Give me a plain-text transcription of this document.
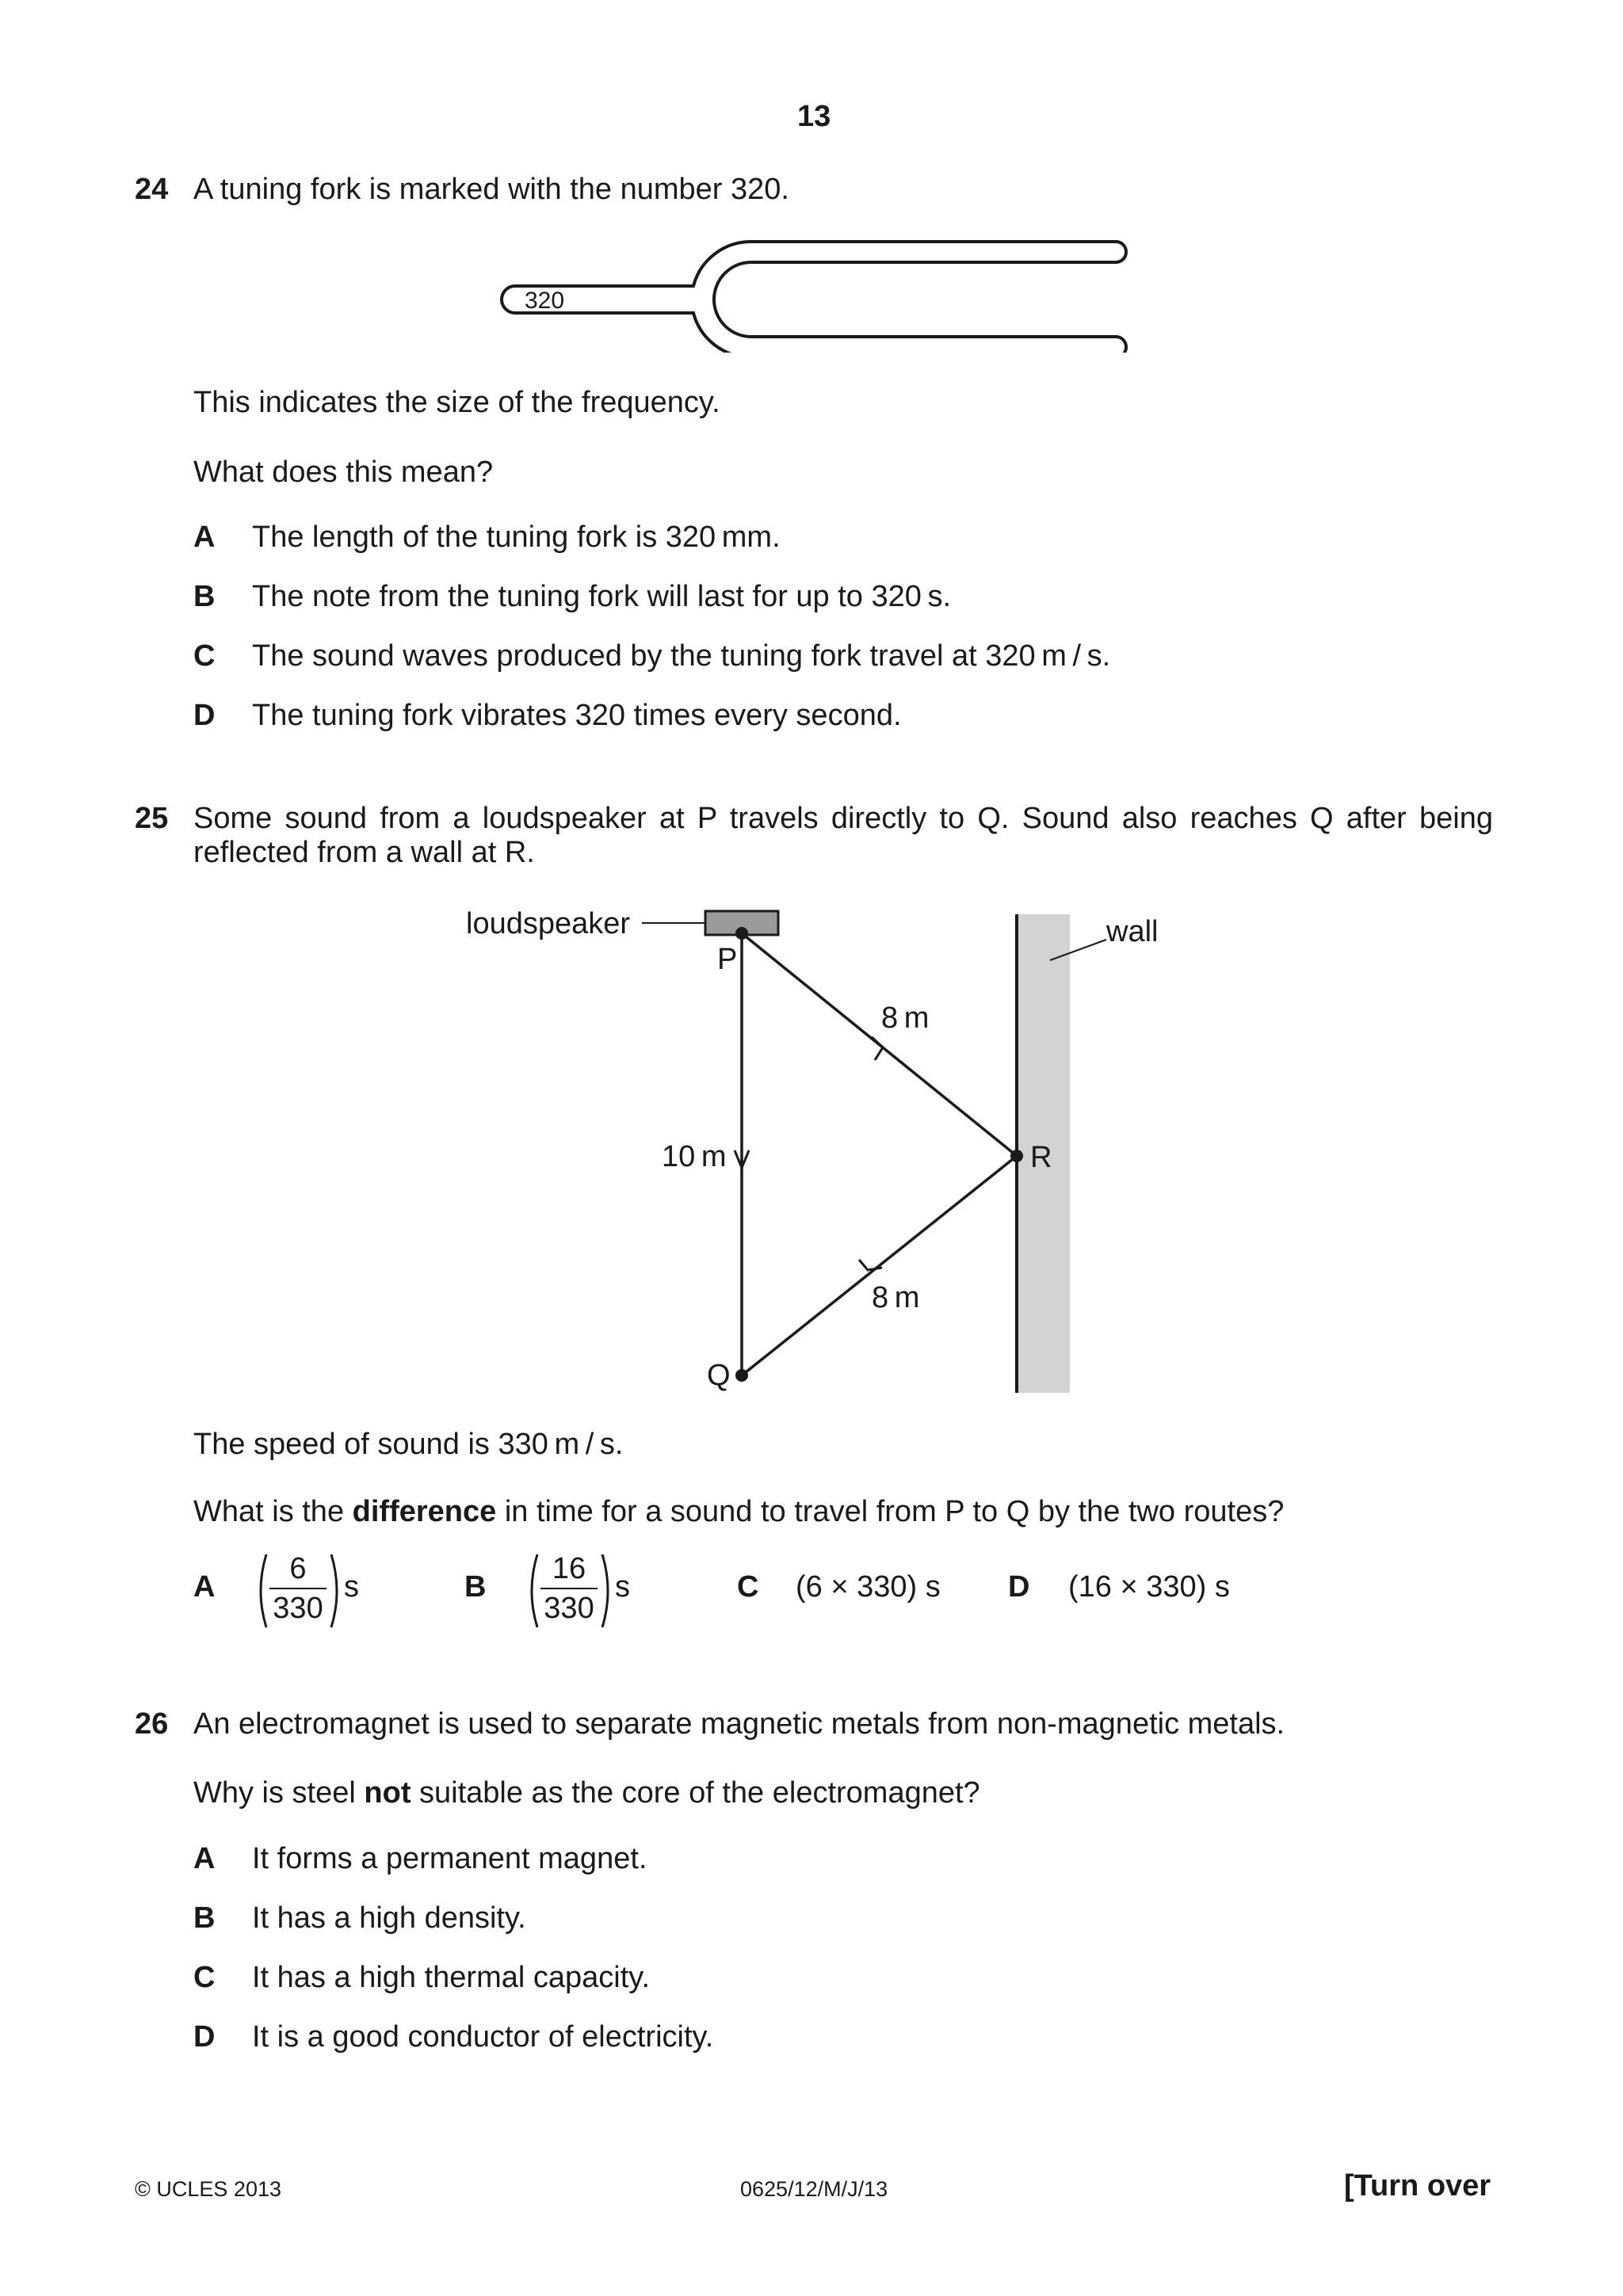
13
24 A tuning fork is marked with the number 320.
320
This indicates the size of the frequency.
What does this mean?
A The length of the tuning fork is 320 mm.
B The note from the tuning fork will last for up to 320 s.
C The sound waves produced by the tuning fork travel at 320 m / s.
D The tuning fork vibrates 320 times every second.
25 Some sound from a loudspeaker at P travels directly to Q. Sound also reaches Q after being
reflected from a wall at R.
wall
loudspeaker
P
R
Q
8 m
10 m
8 m
The speed of sound is 330 m / s.
What is the difference in time for a sound to travel from P to Q by the two routes?
A
6
330
s	B
16
330
s	C (6 × 330) s D (16 × 330) s
26 An electromagnet is used to separate magnetic metals from non-magnetic metals.
Why is steel not suitable as the core of the electromagnet?
A It forms a permanent magnet.
B It has a high density.
C It has a high thermal capacity.
D It is a good conductor of electricity.
© UCLES 2013	0625/12/M/J/13	[Turn over
